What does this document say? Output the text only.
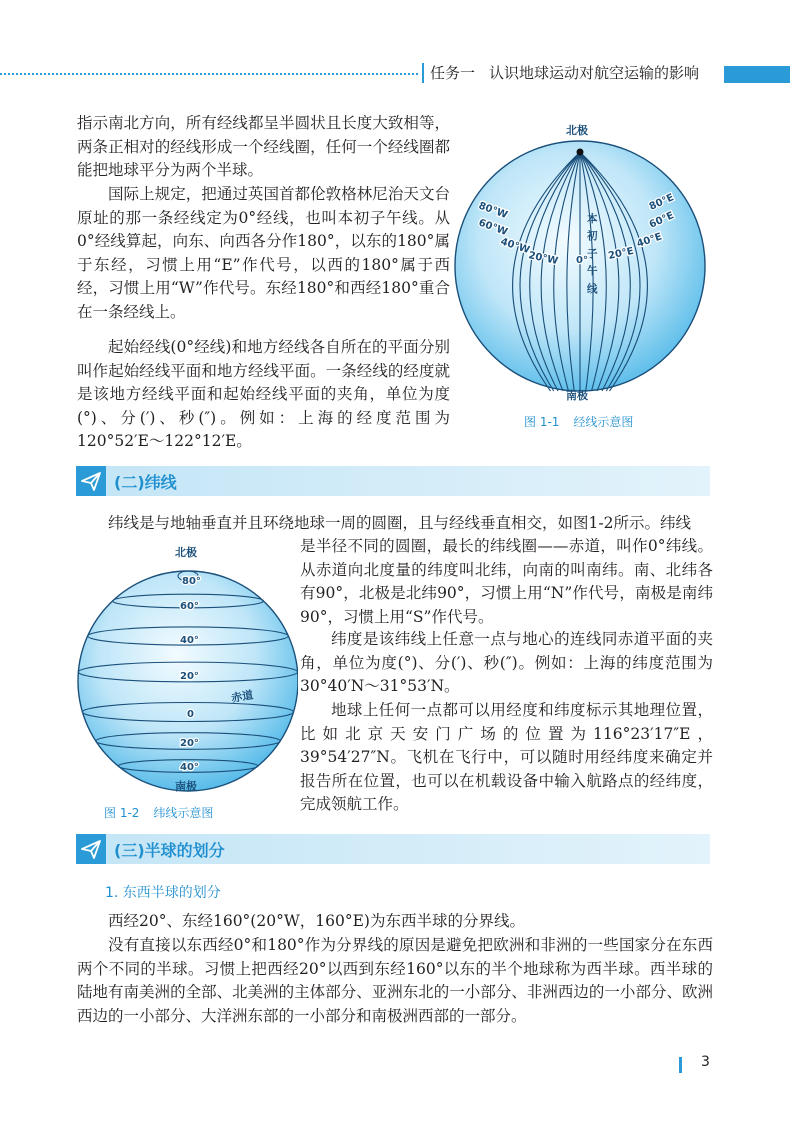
任务一 认识地球运动对航空运输的影响

指示南北方向，所有经线都呈半圆状且长度大致相等，两条正相对的经线形成一个经线圈，任何一个经线圈都能把地球平分为两个半球。

国际上规定，把通过英国首都伦敦格林尼治天文台原址的那一条经线定为0°经线，也叫本初子午线。从0°经线算起，向东、向西各分作180°，以东的180°属于东经，习惯上用“E”作代号，以西的180°属于西经，习惯上用“W”作代号。东经180°和西经180°重合在一条经线上。

起始经线(0°经线)和地方经线各自所在的平面分别叫作起始经线平面和地方经线平面。一条经线的经度就是该地方经线平面和起始经线平面的夹角，单位为度(°)、分(′)、秒(″)。例如：上海的经度范围为120°52′E～122°12′E。

北极
南极
本
初
子
午
线
80°W
60°W
40°W
20°W 0° 20°E
40°E
60°E
80°E
图 1-1 经线示意图
(二)纬线

纬线是与地轴垂直并且环绕地球一周的圆圈，且与经线垂直相交，如图1-2所示。纬线

是半径不同的圆圈，最长的纬线圈——赤道，叫作0°纬线。从赤道向北度量的纬度叫北纬，向南的叫南纬。南、北纬各有90°，北极是北纬90°，习惯上用“N”作代号，南极是南纬90°，习惯上用“S”作代号。

纬度是该纬线上任意一点与地心的连线同赤道平面的夹角，单位为度(°)、分(′)、秒(″)。例如：上海的纬度范围为30°40′N～31°53′N。

地球上任何一点都可以用经度和纬度标示其地理位置，比如北京天安门广场的位置为116°23′17″E，39°54′27″N。飞机在飞行中，可以随时用经纬度来确定并报告所在位置，也可以在机载设备中输入航路点的经纬度，完成领航工作。

北极
南极
80°
60°
40°
20°
0
20°
40°
赤道
图 1-2 纬线示意图
(三)半球的划分
1. 东西半球的划分

西经20°、东经160°(20°W，160°E)为东西半球的分界线。

没有直接以东西经0°和180°作为分界线的原因是避免把欧洲和非洲的一些国家分在东西两个不同的半球。习惯上把西经20°以西到东经160°以东的半个地球称为西半球。西半球的陆地有南美洲的全部、北美洲的主体部分、亚洲东北的一小部分、非洲西边的一小部分、欧洲西边的一小部分、大洋洲东部的一小部分和南极洲西部的一部分。

3
